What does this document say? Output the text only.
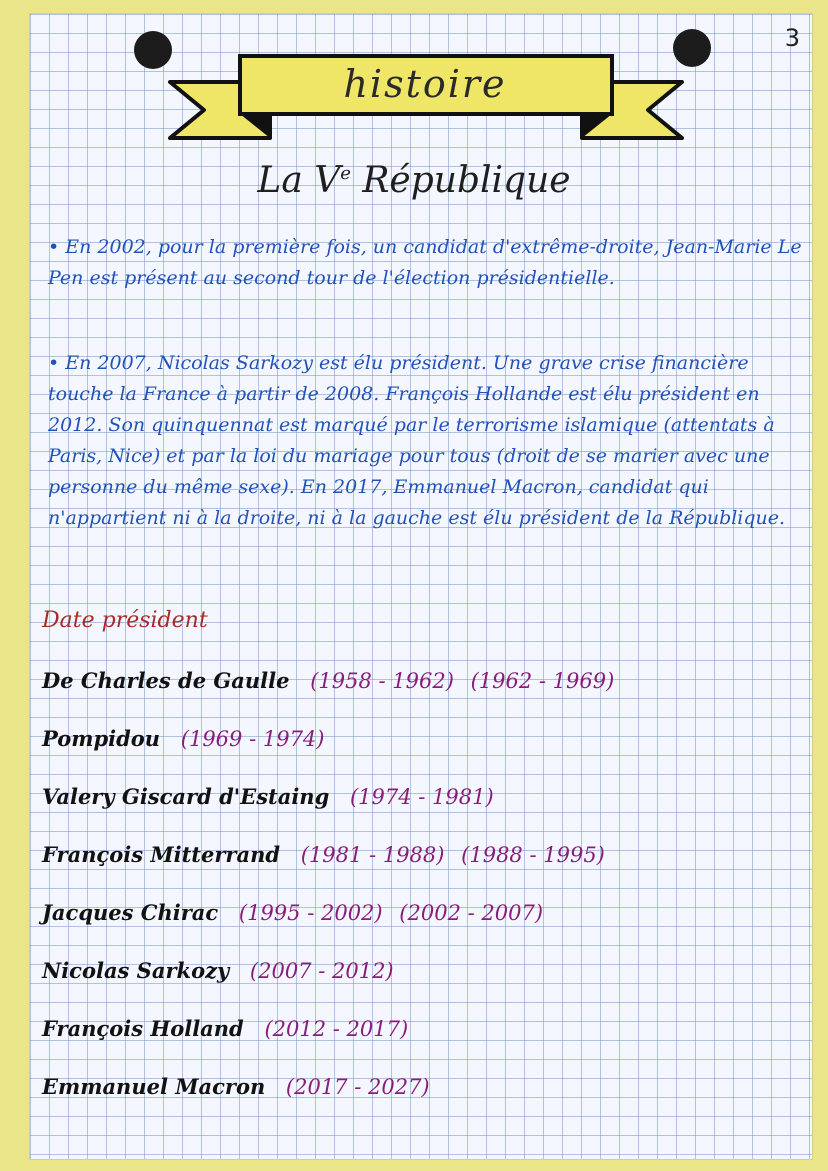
3
histoire
La Ve République
• En 2002, pour la première fois, un candidat d'extrême-droite, Jean-Marie Le Pen est présent au second tour de l'élection présidentielle.
• En 2007, Nicolas Sarkozy est élu président. Une grave crise financière touche la France à partir de 2008. François Hollande est élu président en 2012. Son quinquennat est marqué par le terrorisme islamique (attentats à Paris, Nice) et par la loi du mariage pour tous (droit de se marier avec une personne du même sexe). En 2017, Emmanuel Macron, candidat qui n'appartient ni à la droite, ni à la gauche est élu président de la République.
Date président
De Charles de Gaulle (1958 - 1962) (1962 - 1969)
Pompidou (1969 - 1974)
Valery Giscard d'Estaing (1974 - 1981)
François Mitterrand (1981 - 1988) (1988 - 1995)
Jacques Chirac (1995 - 2002) (2002 - 2007)
Nicolas Sarkozy (2007 - 2012)
François Holland (2012 - 2017)
Emmanuel Macron (2017 - 2027)
